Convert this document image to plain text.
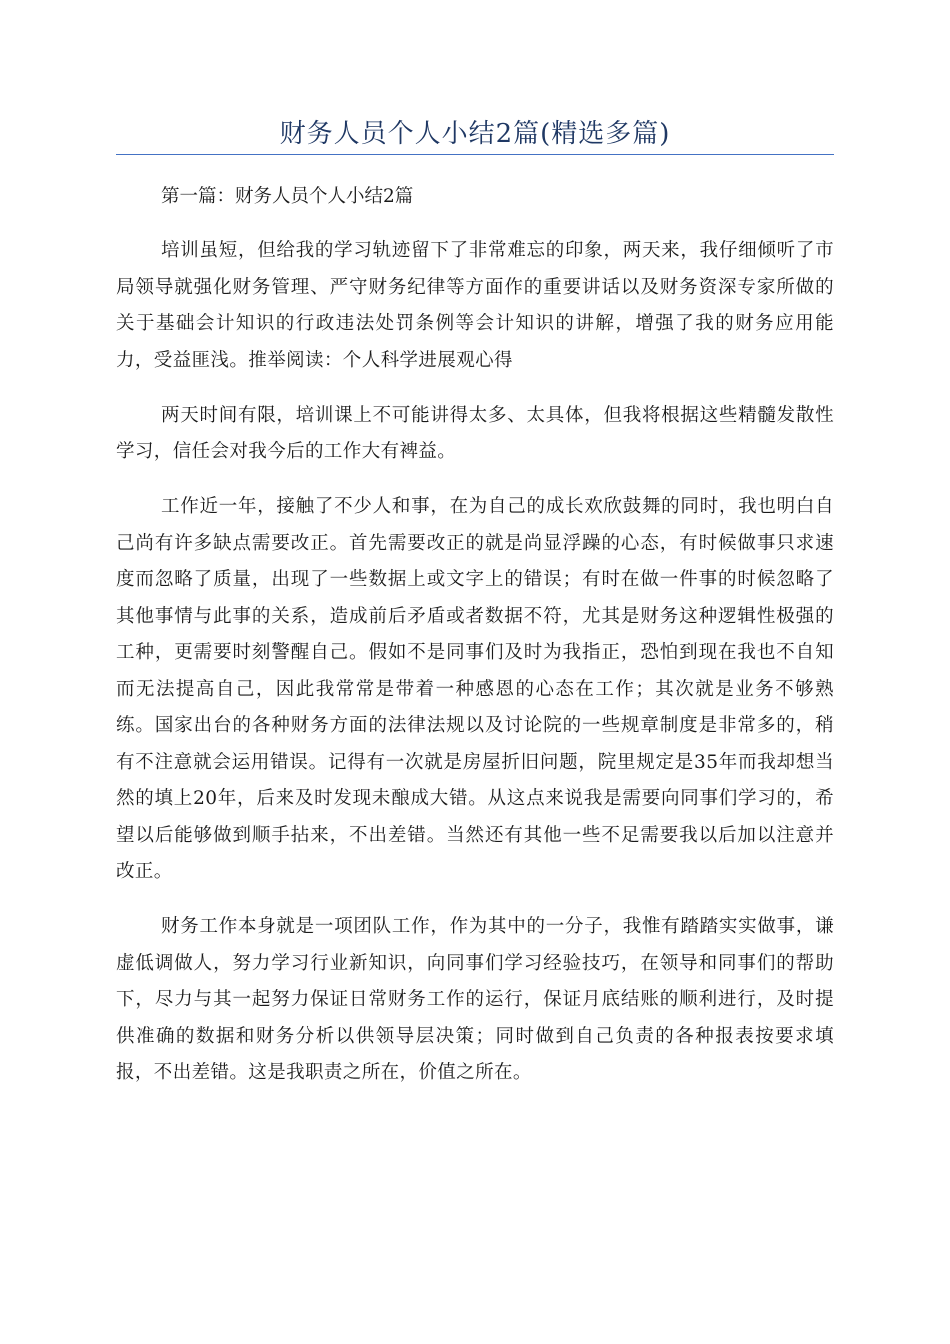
财务人员个人小结2篇(精选多篇)
第一篇：财务人员个人小结2篇

培训虽短，但给我的学习轨迹留下了非常难忘的印象，两天来，我仔细倾听了市局领导就强化财务管理、严守财务纪律等方面作的重要讲话以及财务资深专家所做的关于基础会计知识的行政违法处罚条例等会计知识的讲解，增强了我的财务应用能力，受益匪浅。推举阅读：个人科学进展观心得

两天时间有限，培训课上不可能讲得太多、太具体，但我将根据这些精髓发散性学习，信任会对我今后的工作大有裨益。

工作近一年，接触了不少人和事，在为自己的成长欢欣鼓舞的同时，我也明白自己尚有许多缺点需要改正。首先需要改正的就是尚显浮躁的心态，有时候做事只求速度而忽略了质量，出现了一些数据上或文字上的错误；有时在做一件事的时候忽略了其他事情与此事的关系，造成前后矛盾或者数据不符，尤其是财务这种逻辑性极强的工种，更需要时刻警醒自己。假如不是同事们及时为我指正，恐怕到现在我也不自知而无法提高自己，因此我常常是带着一种感恩的心态在工作；其次就是业务不够熟练。国家出台的各种财务方面的法律法规以及讨论院的一些规章制度是非常多的，稍有不注意就会运用错误。记得有一次就是房屋折旧问题，院里规定是35年而我却想当然的填上20年，后来及时发现未酿成大错。从这点来说我是需要向同事们学习的，希望以后能够做到顺手拈来，不出差错。当然还有其他一些不足需要我以后加以注意并改正。

财务工作本身就是一项团队工作，作为其中的一分子，我惟有踏踏实实做事，谦虚低调做人，努力学习行业新知识，向同事们学习经验技巧，在领导和同事们的帮助下，尽力与其一起努力保证日常财务工作的运行，保证月底结账的顺利进行，及时提供准确的数据和财务分析以供领导层决策；同时做到自己负责的各种报表按要求填报，不出差错。这是我职责之所在，价值之所在。
